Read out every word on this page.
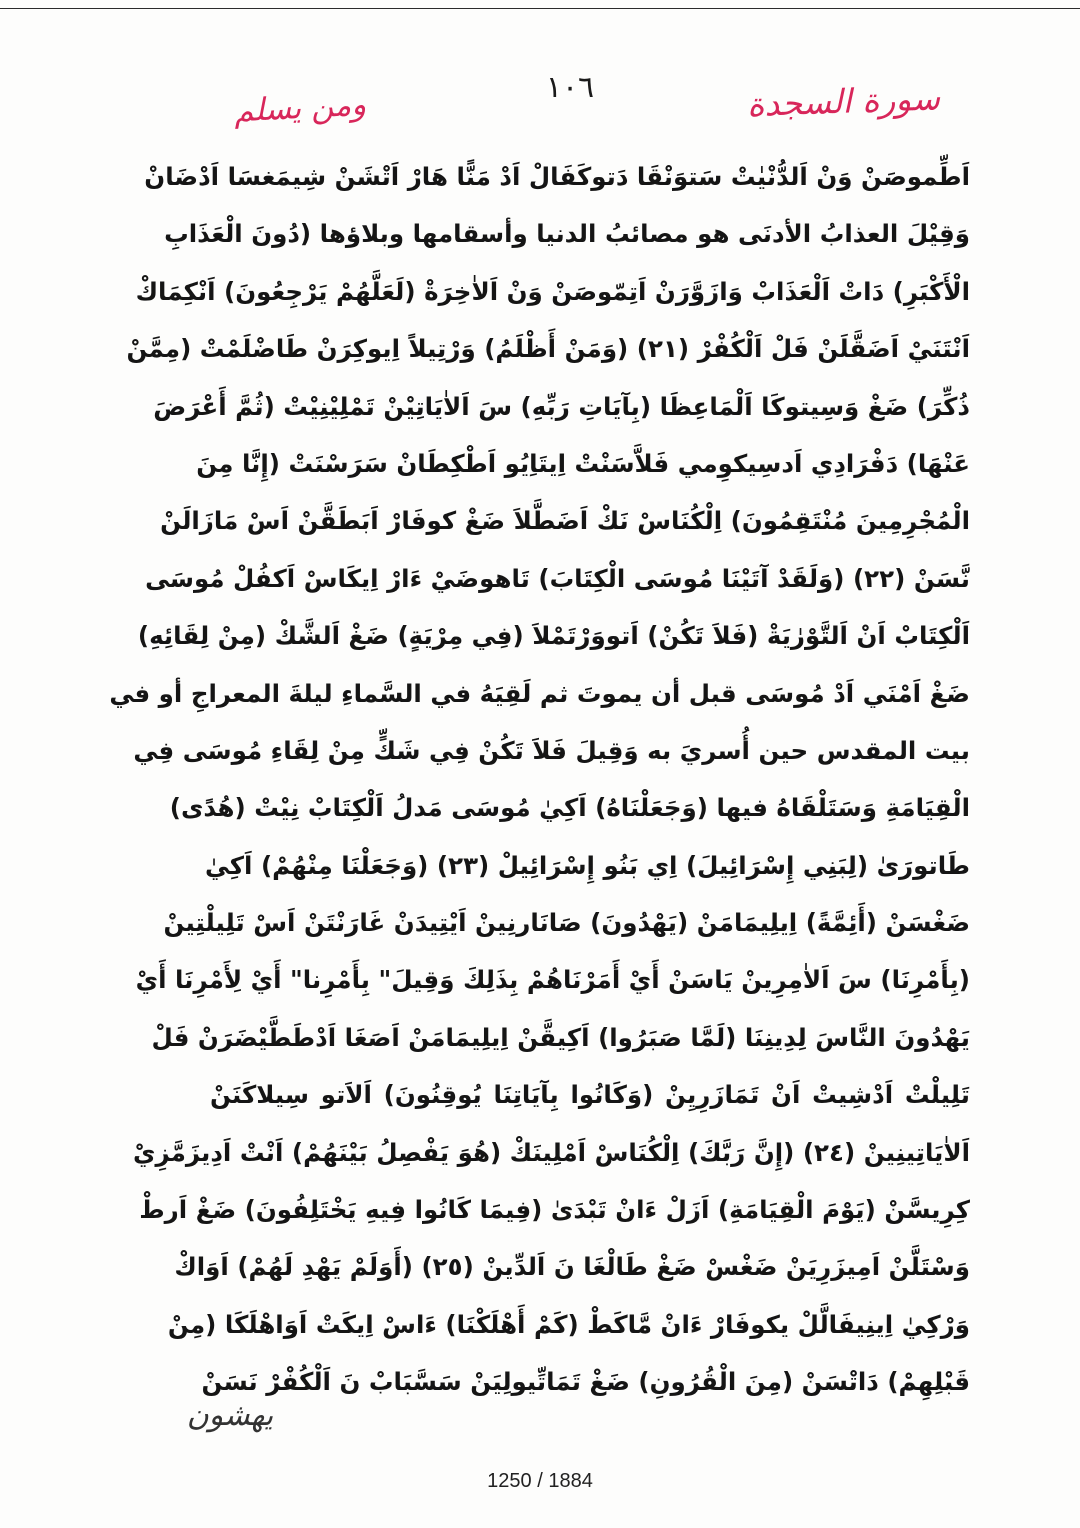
١٠٦	سورة السجدة
ومن يسلم
اَطِّموصَنْ وَنْ اَلدُّنْيٰتْ سَتوَنْقَا دَتوكَفَالْ اَدْ مَنًّا هَارْ اَتْشَنْ شِيمَغسَا اَدْضَانْ
وَقِيْلَ العذابُ الأدنَى هو مصائبُ الدنيا وأسقامها وبلاؤها (دُونَ الْعَذَابِ
الْأَكْبَرِ) دَاتْ اَلْعَذَابْ وَازَوَّرَنْ اَتِمّوصَنْ وَنْ اَلاٰخِرَةْ (لَعَلَّهُمْ يَرْجِعُونَ) اَنْكِمَاكْ
اَنْتَنَيْ اَضَقَّلَنْ فَلْ اَلْكُفْرْ (٢١) (وَمَنْ أَظْلَمُ) وَرْتِيلاً اِيوكِرَنْ طَاضْلَمْتْ (مِمَّنْ
ذُكِّرَ) ضَغْ وَسِيتوكَا اَلْمَاعِظَا (بِآيَاتِ رَبِّهِ) سَ اَلاٰيَاتِيْنْ تَمْلِيْنِيْتْ (ثُمَّ أَعْرَضَ
عَنْهَا) دَفْرَادِي اَدسِيكوِمي فَلاَّسَنْتْ اِيتَاِيُو اَطْكِطَانْ سَرَسْنَتْ (إِنَّا مِنَ
الْمُجْرِمِينَ مُنْتَقِمُونَ) اِلْكُنَاسْ نَكْ اَضَطَّلاَ ضَغْ كوفَارْ اَبَطَقَّنْ اَسْ مَازَالَنْ
نَّسَنْ (٢٢) (وَلَقَدْ آتَيْنَا مُوسَى الْكِتَابَ) تَاهوضَيْ ءَارْ اِيكَاسْ اَكفُلْ مُوسَى
اَلْكِتَابْ اَنْ اَلتَّوْرٰيَةْ (فَلاَ تَكُنْ) اَتووَرْتَمْلاَ (فِي مِرْيَةٍ) ضَغْ اَلشَّكْ (مِنْ لِقَائِهِ)
ضَغْ اَمْنَي اَدْ مُوسَى قبل أن يموتَ ثم لَقِيَهُ في السَّماءِ ليلةَ المعراجِ أو في
بيت المقدس حين أُسريَ به وَقِيلَ فَلاَ تَكُنْ فِي شَكٍّ مِنْ لِقَاءِ مُوسَى فِي
الْقِيَامَةِ وَسَتَلْقَاهُ فيها (وَجَعَلْنَاهُ) اَكِيٰ مُوسَى مَدلُ اَلْكِتَابْ نِيْتْ (هُدًى)
طَاتورَىٰ (لِبَنِي إِسْرَائِيلَ) اِي بَنُو إِسْرَائِيلْ (٢٣) (وَجَعَلْنَا مِنْهُمْ) اَكِيٰ
ضَغْسَنْ (أَئِمَّةً) اِيلِيمَامَنْ (يَهْدُونَ) صَانَارنِينْ اَيْتِيدَنْ غَارَنْتَنْ اَسْ تَلِيلْتِينْ
(بِأَمْرِنَا) سَ اَلاٰمِرِينْ يَاسَنْ أَيْ أَمَرْنَاهُمْ بِذَلِكَ وَقِيلَ" بِأَمْرِنا" أَيْ لِأَمْرِنَا أَيْ
يَهْدُونَ النَّاسَ لِدِينِنَا (لَمَّا صَبَرُوا) اَكِيقَّنْ اِيلِيمَامَنْ اَصَغَا اَدْطَطَّيْضَرَنْ فَلْ
تَلِيلْتْ اَدْشِيتْ اَنْ تَمَازَرِيِنْ (وَكَانُوا بِآيَاتِنَا يُوقِنُونَ) اَلاَتو سِيلاكَنَنْ
اَلاٰيَاتِينِينْ (٢٤) (إِنَّ رَبَّكَ) اِلْكُنَاسْ اَمْلِينَكْ (هُوَ يَفْصِلُ بَيْنَهُمْ) اَنْتْ اَدِيزَمَّزِيْ
كِرِيسَّنْ (يَوْمَ الْقِيَامَةِ) اَزَلْ ءَانْ تَبْدَىٰ (فِيمَا كَانُوا فِيهِ يَخْتَلِفُونَ) ضَغْ اَرطْ
وَسْتَلَّنْ اَمِيزَرِيَنْ ضَغْسْ ضَغْ طَالْغَا نَ اَلدِّينْ (٢٥) (أَوَلَمْ يَهْدِ لَهُمْ) اَوَاكْ
وَرْكِيٰ اِينِيفَالَّلْ يكوفَارْ ءَانْ مَّاكَطْ (كَمْ أَهْلَكْنَا) ءَاسْ اِيكَتْ اَوَاهْلَكَا (مِنْ
قَبْلِهِمْ) دَاتْسَنْ (مِنَ الْقُرُونِ) ضَغْ تَمَاتِّيولِيَنْ سَسَّبَابْ نَ اَلْكُفْرْ نَسَنْ
يهشون
1250 / 1884
